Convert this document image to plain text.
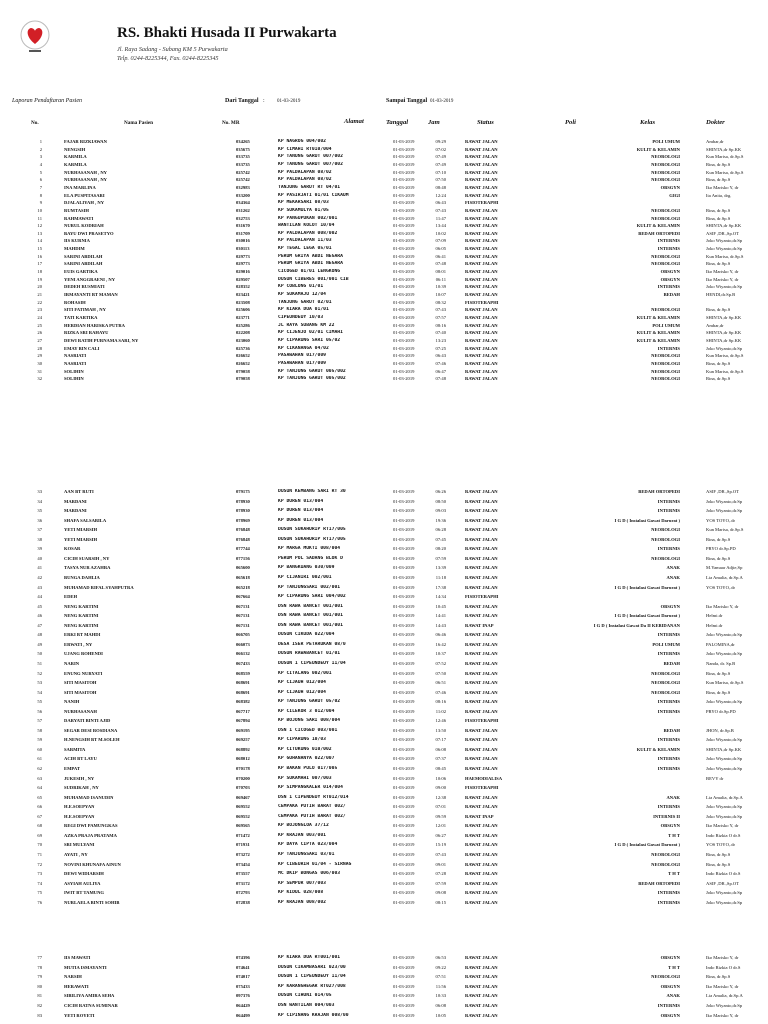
RS. Bhakti Husada II Purwakarta
Jl. Raya Sadang - Subang KM 5 Purwakarta
Telp. 0244-8225344, Fax. 0244-8225345
Laporan Pendaftaran Pasien	Dari Tanggal : 01-03-2019	Sampai Tanggal 01-03-2019
No.	Nama Pasien	No. MR	Alamat	Tanggal	Jam	Status	Poli	Kelas	Dokter
1	FAJAR RIZKIAWAN	034265	KP NAGROG 004/002	01-03-2019	09:29	RAWAT JALAN	POLI UMUM	Ambar,dr
2	NENGSIH	035675	KP CIMAHI RT010/004	01-03-2019	07:02	RAWAT JALAN	KULIT & KELAMIN	SHINTA,dr Sp.KK
3	KARMILA	033735	KP TANUNG GARUT 007/002	01-03-2019	07:49	RAWAT JALAN	NEOROLOGI	Kun Marisa, dr.Sp.S
4	KARMILA	033735	KP TANUNG GARUT 007/002	01-03-2019	07:49	RAWAT JALAN	NEOROLOGI	Rina, dr.Sp.S
5	NURHASANAH , NY	025742	KP PALDALAPAN 08/02	01-03-2019	07:10	RAWAT JALAN	NEOROLOGI	Kun Marisa, dr.Sp.S
6	NURHASANAH , NY	025742	KP PALDALAPAN 08/02	01-03-2019	07:50	RAWAT JALAN	NEOROLOGI	Rina, dr.Sp.S
7	INA MARLINA	032983	TANJUNG GARUT RT 04/01	01-03-2019	08:48	RAWAT JALAN	OBSGYN	Iko Marisko Y, dr
8	ELA PUSPITASARI	033200	KP PASIRJATI 01/01 CIKAUM	01-03-2019	12:24	RAWAT JALAN	GIGI	Ita Anita, drg.
9	DJALALIYAH , NY	034364	KP MEKARSARI 08/03	01-03-2019	06:43	FISIOTERAPHI
10	RUMTASIH	031262	KP SUKAMULYA 01/05	01-03-2019	07:43	RAWAT JALAN	NEOROLOGI	Rina, dr.Sp.S
11	RAHMAWATI	032753	KP PANGUPUKAN 002/001	01-03-2019	11:47	RAWAT JALAN	NEOROLOGI	Rina, dr.Sp.S
12	NURUL KODRIAH	031670	WANTILAN KOLOT 10/04	01-03-2019	13:44	RAWAT JALAN	KULIT & KELAMIN	SHINTA,dr Sp.KK
13	BAYU DWI PRASETYO	031709	KP PALDALAPAN 008/002	01-03-2019	10:02	RAWAT JALAN	BEDAH ORTOPEDI	ASIF ,DR.,Sp.OT
14	IIS KURNIA	030016	KP PALDALAPAN 11/03	01-03-2019	07:09	RAWAT JALAN	INTERNIS	Joko Wiyanto,dr.Sp
15	MAHDIM	030113	KP TEGAL LEGA 05/01	01-03-2019	06:05	RAWAT JALAN	INTERNIS	Joko Wiyanto,dr.Sp
16	SARINI ABDILAH	029773	PERUM GRIYA ABDI NEGARA	01-03-2019	06:41	RAWAT JALAN	NEOROLOGI	Kun Marisa, dr.Sp.S
17	SARINI ABDILAH	029773	PERUM GRIYA ABDI NEGARA	01-03-2019	07:48	RAWAT JALAN	NEOROLOGI	Rina, dr.Sp.S
18	EUIS GARTIKA	029016	CICOGED 01/01 LENGKONG	01-03-2019	08:01	RAWAT JALAN	OBSGYN	Iko Marisko Y, dr
19	YENI ANGGRAENI , NY	029507	DUSUN CIBERES 001/001 CIB	01-03-2019	06:11	RAWAT JALAN	OBSGYN	Iko Marisko Y, dr
20	DEDEH RUSMIATI	028352	KP COBLONG 01/01	01-03-2019	10:39	RAWAT JALAN	INTERNIS	Joko Wiyanto,dr.Sp
21	IRMAYANTI BT MAMAN	023421	KP SUKAMAJU 12/04	01-03-2019	10:07	RAWAT JALAN	BEDAH	HENDI,dr.Sp.B
22	ROHASIH	023508	TANJUNG GARUT 02/01	01-03-2019	08:32	FISIOTERAPHI
23	SITI FATIMAH , NY	025606	KP KIARA DUA 01/01	01-03-2019	07:43	RAWAT JALAN	NEOROLOGI	Rina, dr.Sp.S
24	TATI KARTIKA	023771	CIPEUNDEUY 10/03	01-03-2019	07:57	RAWAT JALAN	KULIT & KELAMIN	SHINTA,dr Sp.KK
25	HERDIAN HARISKA PUTRA	025286	JL RAYA SUBANG KM 22	01-03-2019	08:16	RAWAT JALAN	POLI UMUM	Ambar,dr
26	RIZKA SRI RAHAYU	022208	KP CIJENJO 02/01 CIMAHI	01-03-2019	07:40	RAWAT JALAN	KULIT & KELAMIN	SHINTA,dr Sp.KK
27	DEWI RATIH PURNAMA SARI, NY	023060	KP CIPARUNG SARI 05/02	01-03-2019	13:23	RAWAT JALAN	KULIT & KELAMIN	SHINTA,dr Sp.KK
28	EMAY BIN CALI	025736	KP CIKANANGA 04/02	01-03-2019	07:25	RAWAT JALAN	INTERNIS	Joko Wiyanto,dr.Sp
29	NASRIATI	026652	PASAWAHAN 017/009	01-03-2019	06:43	RAWAT JALAN	NEOROLOGI	Kun Marisa, dr.Sp.S
30	NASRIATI	026652	PASAWAHAN 017/009	01-03-2019	07:46	RAWAT JALAN	NEOROLOGI	Rina, dr.Sp.S
31	SOLIHIN	079058	KP TANJUNG GARUT 005/002	01-03-2019	06:47	RAWAT JALAN	NEOROLOGI	Kun Marisa, dr.Sp.S
32	SOLIHIN	079058	KP TANJUNG GARUT 005/002	01-03-2019	07:48	RAWAT JALAN	NEOROLOGI	Rina, dr.Sp.S
33	AAN BT RUTI	079175	DUSUN KEMBANG SARI RT 30	01-03-2019	06:26	RAWAT JALAN	BEDAH ORTOPEDI	ASIF ,DR.,Sp.OT
34	MARDANI	078930	KP DUREN 013/004	01-03-2019	08:50	RAWAT JALAN	INTERNIS	Joko Wiyanto,dr.Sp
35	MARDANI	078930	KP DUREN 013/004	01-03-2019	09:03	RAWAT JALAN	INTERNIS	Joko Wiyanto,dr.Sp
36	SHAFA SALSABILA	078969	KP DUREN 013/004	01-03-2019	19:36	RAWAT JALAN	I G D ( Instalasi Gawat Darurat )	YOS TOYO,.dr
37	YETI MIARSIH	076848	DUSUN SUKAHURIP RT17/005	01-03-2019	06:28	RAWAT JALAN	NEOROLOGI	Kun Marisa, dr.Sp.S
38	YETI MIARSIH	076848	DUSUN SUKAHURIP RT17/005	01-03-2019	07:45	RAWAT JALAN	NEOROLOGI	Rina, dr.Sp.S
39	KOSAR	077744	KP MARGA MUKTI 008/004	01-03-2019	08:20	RAWAT JALAN	INTERNIS	PRYO dr.Sp.PD
40	CICIH SUARSIH , NY	077156	PERUM POL SADANG BLOK D	01-03-2019	07:59	RAWAT JALAN	NEOROLOGI	Rina, dr.Sp.S
41	TASYA NUR AZAHRA	065600	KP BANGKUANG 030/009	01-03-2019	13:39	RAWAT JALAN	ANAK	M.Yamaar Adjie,Sp
42	BUNGA DAHLIA	065618	KP CIJANIRI 002/001	01-03-2019	11:18	RAWAT JALAN	ANAK	Lia Amalia, dr.Sp.A
43	MUHAMAD RIFAL SYAHPUTRA	065218	KP TANJUNGSARI 002/001	01-03-2019	17:38	RAWAT JALAN	I G D ( Instalasi Gawat Darurat )	YOS TOYO,.dr
44	EDEH	067664	KP CIPARUNG SARI 004/002	01-03-2019	14:34	FISIOTERAPHI
45	NENG KARTINI	067131	DSN RAWA BANCET 001/001	01-03-2019	10:45	RAWAT JALAN	OBSGYN	Iko Marisko Y, dr
46	NENG KARTINI	067131	DSN RAWA BANCET 001/001	01-03-2019	14:41	RAWAT JALAN	I G D ( Instalasi Gawat Darurat )	Helmi.dr
47	NENG KARTINI	067131	DSN RAWA BANCET 001/001	01-03-2019	14:43	RAWAT INAP	I G D ( Instalasi Gawat Da II KEBIDANAN	Helmi.dr
48	ERKI BT MAHDI	066705	DUSUN CIKUDA 022/004	01-03-2019	06:46	RAWAT JALAN	INTERNIS	Joko Wiyanto,dr.Sp
49	ERWATI , NY	066073	DESA ISER PETARUKAN 08/0	01-03-2019	16:42	RAWAT JALAN	POLI UMUM	PALOMINA,dr
50	UJANG ROHENDI	066132	DUSUN RAWABANCET 01/01	01-03-2019	10:37	RAWAT JALAN	INTERNIS	Joko Wiyanto,dr.Sp
51	NARIN	067433	DUSUN 1 CIPEUNDEUY 11/04	01-03-2019	07:52	RAWAT JALAN	BEDAH	Nanda, dr. Sp.B
52	ENUNG NURYATI	068559	KP CITALANG 002/001	01-03-2019	07:50	RAWAT JALAN	NEOROLOGI	Rina, dr.Sp.S
53	SITI MASITOH	068691	KP CIJAUH 012/004	01-03-2019	06:51	RAWAT JALAN	NEOROLOGI	Kun Marisa, dr.Sp.S
54	SITI MASITOH	068691	KP CIJAUH 012/004	01-03-2019	07:46	RAWAT JALAN	NEOROLOGI	Rina, dr.Sp.S
55	NANIH	068382	KP TANJUNG GARUT 05/02	01-03-2019	08:16	RAWAT JALAN	INTERNIS	Joko Wiyanto,dr.Sp
56	NURHASANAH	067717	KP CILEKOR 3 012/004	01-03-2019	11:02	RAWAT JALAN	INTERNIS	PRYO dr.Sp.PD
57	DARYATI BINTI AJID	067894	KP BOJONG SARI 008/004	01-03-2019	12:46	FISIOTERAPHI
58	SEGAR DESI ROSDIANA	069195	DSN 1 CICOGED 003/001	01-03-2019	13:50	RAWAT JALAN	BEDAH	JHON, dr.Sp.B
59	H.NENGSIH BT M.SOLEH	069257	KP CIPARUNG 10/03	01-03-2019	07:17	RAWAT JALAN	INTERNIS	Joko Wiyanto,dr.Sp
60	SARMITA	068892	KP CITUKUNG 010/002	01-03-2019	06:08	RAWAT JALAN	KULIT & KELAMIN	SHINTA,dr Sp.KK
61	ACIH BT LAYU	068012	KP GUHANANYA 022/007	01-03-2019	07:37	RAWAT JALAN	INTERNIS	Joko Wiyanto,dr.Sp
62	EMPAT	070178	KP BAKAN PULO 017/005	01-03-2019	08:45	RAWAT JALAN	INTERNIS	Joko Wiyanto,dr.Sp
63	JUKESIH , NY	070200	KP SUKAMAHI 007/003	01-03-2019	10:06	HAEMODIALISA	BEVY dr
64	SUDRIKAH , NY	070703	KP SIMPANGKALER 014/004	01-03-2019	09:00	FISIOTERAPHI
65	MUHAMAD ISANUDIN	069467	DSN 1 CIPENDEUY RT012/014	01-03-2019	12:38	RAWAT JALAN	ANAK	Lia Amalia, dr.Sp.A
66	H.E.SOEPYAN	069552	CEMPAKA PUTIH BARAT 002/	01-03-2019	07:01	RAWAT JALAN	INTERNIS	Joko Wiyanto,dr.Sp
67	H.E.SOEPYAN	069552	CEMPAKA PUTIH BARAT 002/	01-03-2019	09:59	RAWAT INAP	INTERNIS II	Joko Wiyanto,dr.Sp
68	REGI DWI PAMUNGKAS	069565	KP BOJONGLOA 37/12	01-03-2019	12:01	RAWAT JALAN	OBSGYN	Iko Marisko Y, dr
69	AZKA PRAJA PRATAMA	071472	KP KRAJAN 003/001	01-03-2019	06:27	RAWAT JALAN	T H T	Indo Rizkia O dr.S
70	SRI MULYANI	071931	KP DAYA CIPTA 023/004	01-03-2019	15:19	RAWAT JALAN	I G D ( Instalasi Gawat Darurat )	YOS TOYO,.dr
71	AYATI , NY	073272	KP TANJUNGSARI 03/01	01-03-2019	07:43	RAWAT JALAN	NEOROLOGI	Rina, dr.Sp.S
72	NOVINI KHUNAFA AINUN	073454	KP CIBEURIH 01/04 - SIRNAG	01-03-2019	09:01	RAWAT JALAN	NEOROLOGI	Rina, dr.Sp.S
73	DEWI WIDIARSIH	073557	MC DKIP BONGAS 006/003	01-03-2019	07:28	RAWAT JALAN	T H T	Indo Rizkia O dr.S
74	ASYIAH AULIYA	073172	KP SEMPUR 007/003	01-03-2019	07:59	RAWAT JALAN	BEDAH ORTOPEDI	ASIF ,DR.,Sp.OT
75	IWIT BT TAMUNG	072793	KP KIDUL 028/008	01-03-2019	09:08	RAWAT JALAN	INTERNIS	Joko Wiyanto,dr.Sp
76	NURLAELA BINTI SOHIB	072838	KP KRAJAN 008/002	01-03-2019	08:15	RAWAT JALAN	INTERNIS	Joko Wiyanto,dr.Sp
77	IIS MAWATI	074396	KP KIARA DUA RT001/001	01-03-2019	06:53	RAWAT JALAN	OBSGYN	Iko Marisko Y, dr
78	MUTIA ISMAYANTI	074641	DUSUN CIKAMBASARI 023/00	01-03-2019	09:22	RAWAT JALAN	T H T	Indo Rizkia O dr.S
79	NARSIH	074017	DUSUN 1 CIPEUNDEUY 11/04	01-03-2019	07:51	RAWAT JALAN	NEOROLOGI	Rina, dr.Sp.S
80	HERAWATI	075433	KP KARANGHEGAR RT027/008	01-03-2019	11:56	RAWAT JALAN	OBSGYN	Iko Marisko Y, dr
81	SIBILIYA AMIRA SEHA	097376	DUSUN CIHUNI 014/05	01-03-2019	10:33	RAWAT JALAN	ANAK	Lia Amalia, dr.Sp.A
82	CICIH RATNA SUMINAR	064429	DSN WANTILAN 004/003	01-03-2019	06:08	RAWAT JALAN	INTERNIS	Joko Wiyanto,dr.Sp
83	YETI ROYETI	064499	KP CIPINANG KRAJAN 008/00	01-03-2019	10:05	RAWAT JALAN	OBSGYN	Iko Marisko Y, dr
